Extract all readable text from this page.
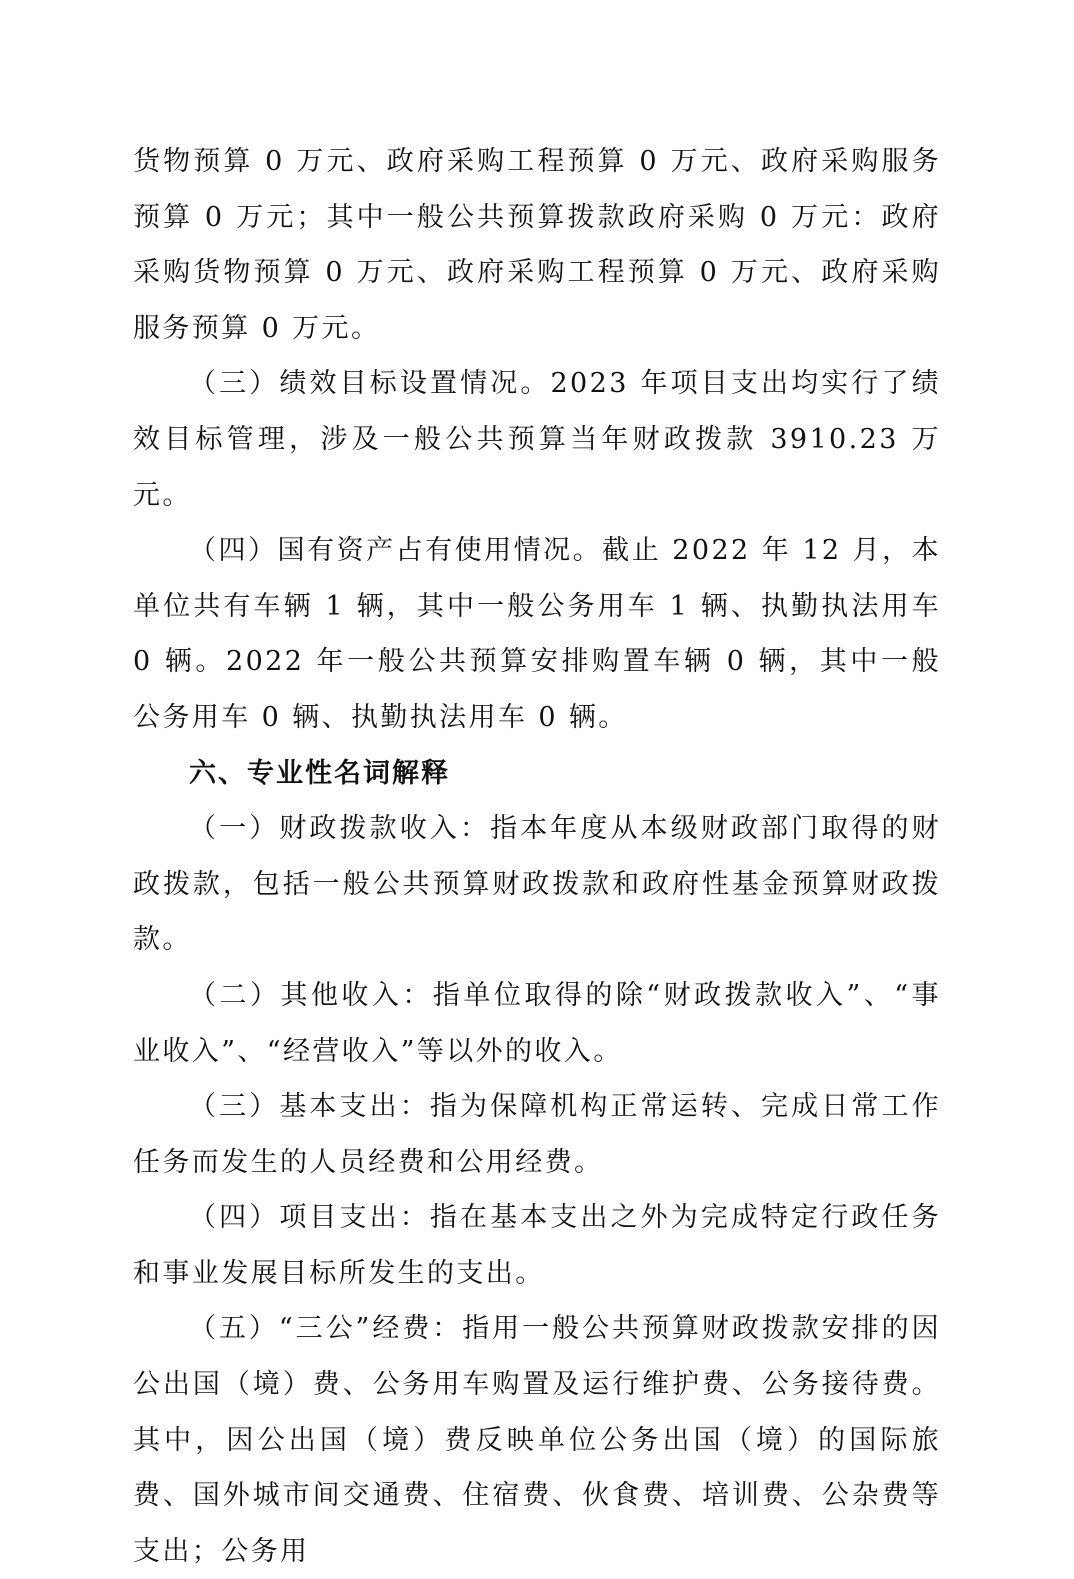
货物预算 0 万元、政府采购工程预算 0 万元、政府采购服务预算 0 万元；其中一般公共预算拨款政府采购 0 万元：政府采购货物预算 0 万元、政府采购工程预算 0 万元、政府采购服务预算 0 万元。

（三）绩效目标设置情况。2023 年项目支出均实行了绩效目标管理，涉及一般公共预算当年财政拨款 3910.23 万元。

（四）国有资产占有使用情况。截止 2022 年 12 月，本单位共有车辆 1 辆，其中一般公务用车 1 辆、执勤执法用车 0 辆。2022 年一般公共预算安排购置车辆 0 辆，其中一般公务用车 0 辆、执勤执法用车 0 辆。

六、专业性名词解释

（一）财政拨款收入：指本年度从本级财政部门取得的财政拨款，包括一般公共预算财政拨款和政府性基金预算财政拨款。

（二）其他收入：指单位取得的除“财政拨款收入”、“事业收入”、“经营收入”等以外的收入。

（三）基本支出：指为保障机构正常运转、完成日常工作任务而发生的人员经费和公用经费。

（四）项目支出：指在基本支出之外为完成特定行政任务和事业发展目标所发生的支出。

（五）“三公”经费：指用一般公共预算财政拨款安排的因公出国（境）费、公务用车购置及运行维护费、公务接待费。其中，因公出国（境）费反映单位公务出国（境）的国际旅费、国外城市间交通费、住宿费、伙食费、培训费、公杂费等支出；公务用
